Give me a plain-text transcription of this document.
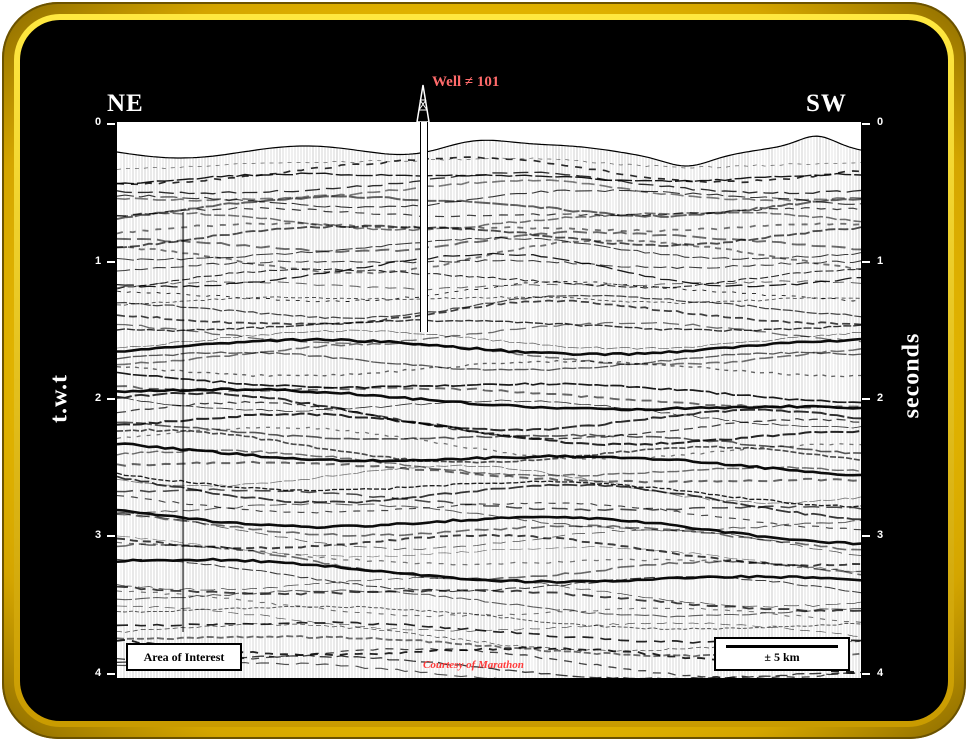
NE	SW
t.w.t	seconds
0
1
2
3
4
0
1
2
3
4
Well ≠ 101
Area of Interest	± 5 km
Courtesy of Marathon
